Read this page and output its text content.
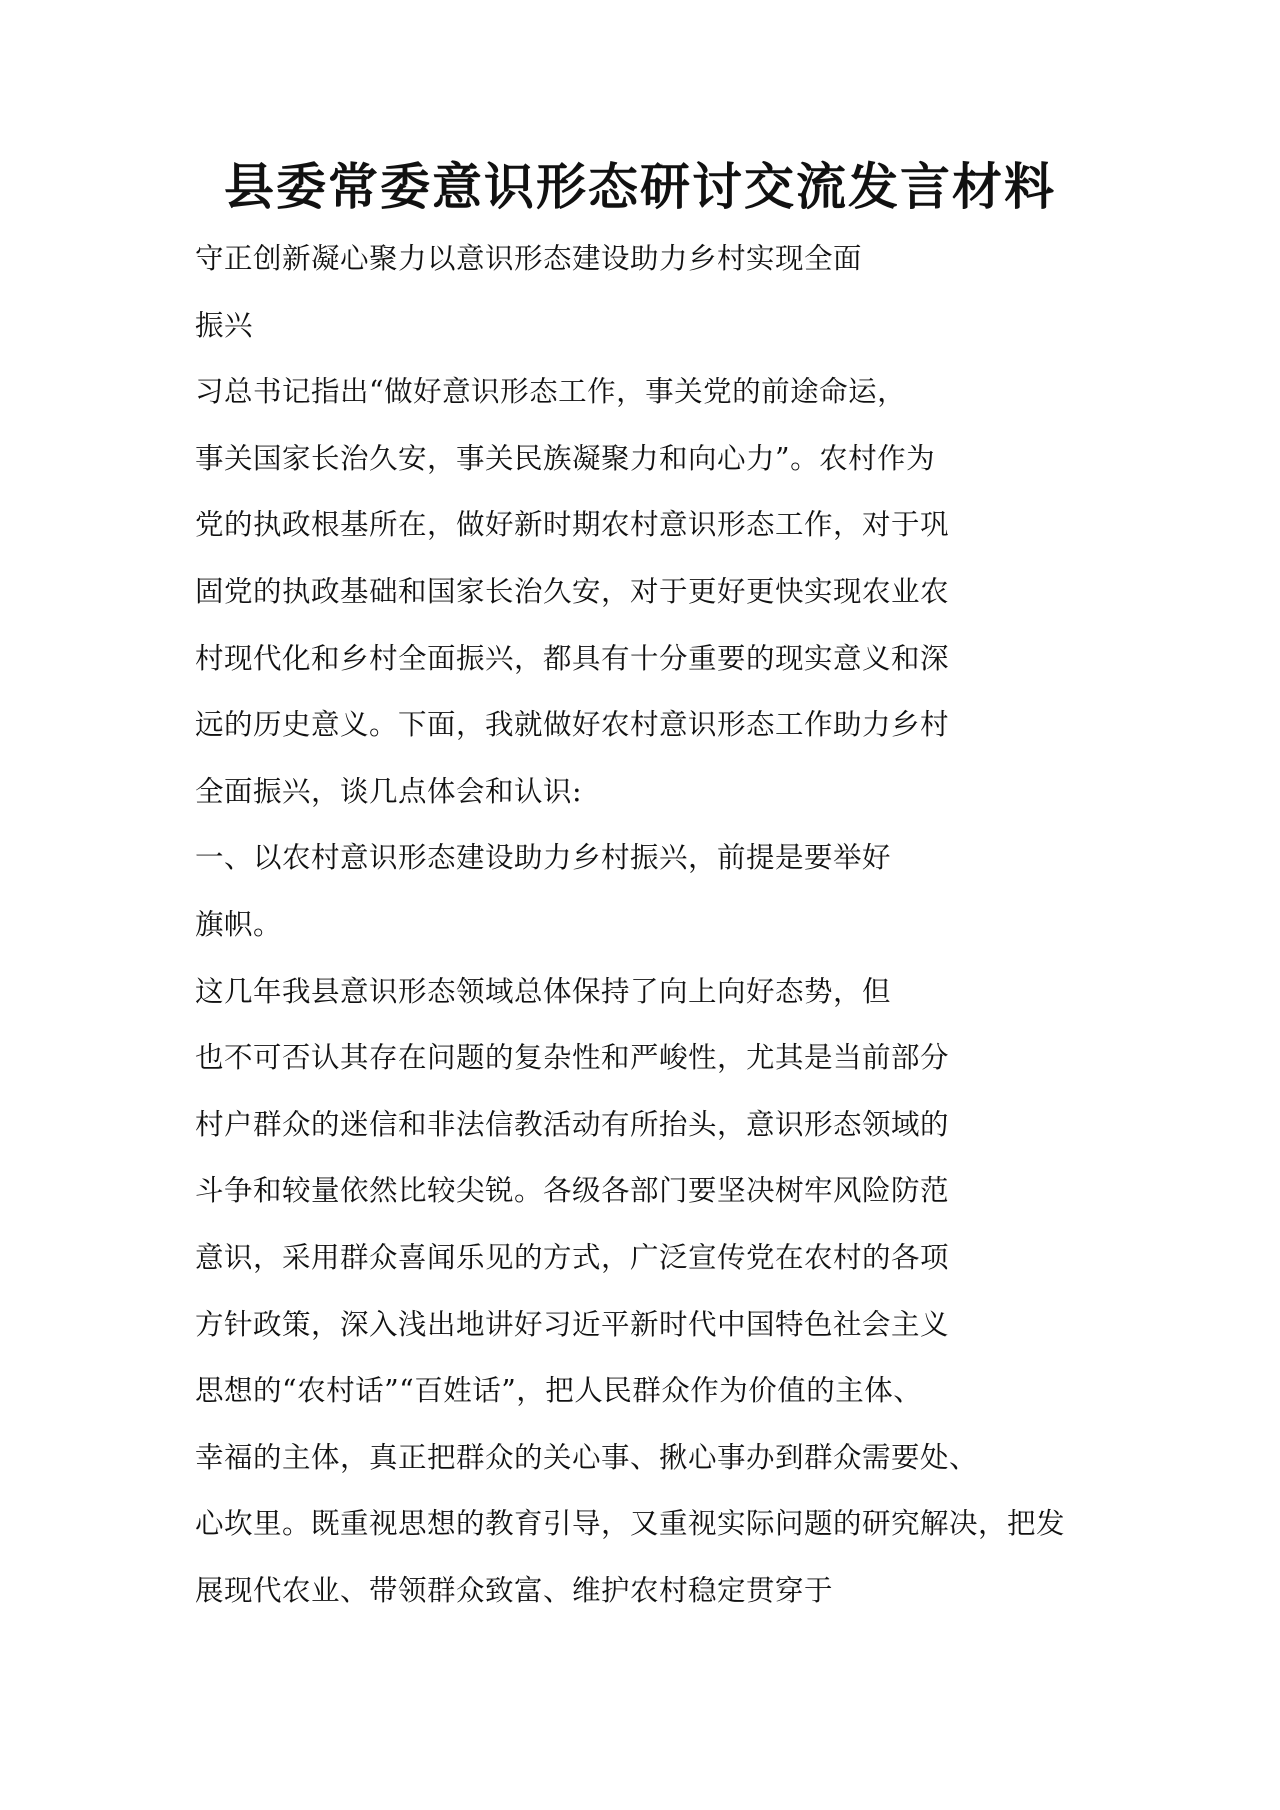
县委常委意识形态研讨交流发言材料
守正创新凝心聚力以意识形态建设助力乡村实现全面
振兴
习总书记指出“做好意识形态工作，事关党的前途命运，
事关国家长治久安，事关民族凝聚力和向心力”。农村作为
党的执政根基所在，做好新时期农村意识形态工作，对于巩
固党的执政基础和国家长治久安，对于更好更快实现农业农
村现代化和乡村全面振兴，都具有十分重要的现实意义和深
远的历史意义。下面，我就做好农村意识形态工作助力乡村
全面振兴，谈几点体会和认识:
一、以农村意识形态建设助力乡村振兴，前提是要举好
旗帜。
这几年我县意识形态领域总体保持了向上向好态势，但
也不可否认其存在问题的复杂性和严峻性，尤其是当前部分
村户群众的迷信和非法信教活动有所抬头，意识形态领域的
斗争和较量依然比较尖锐。各级各部门要坚决树牢风险防范
意识，采用群众喜闻乐见的方式，广泛宣传党在农村的各项
方针政策，深入浅出地讲好习近平新时代中国特色社会主义
思想的“农村话”“百姓话”，把人民群众作为价值的主体、
幸福的主体，真正把群众的关心事、揪心事办到群众需要处、
心坎里。既重视思想的教育引导，又重视实际问题的研究解决，把发
展现代农业、带领群众致富、维护农村稳定贯穿于
